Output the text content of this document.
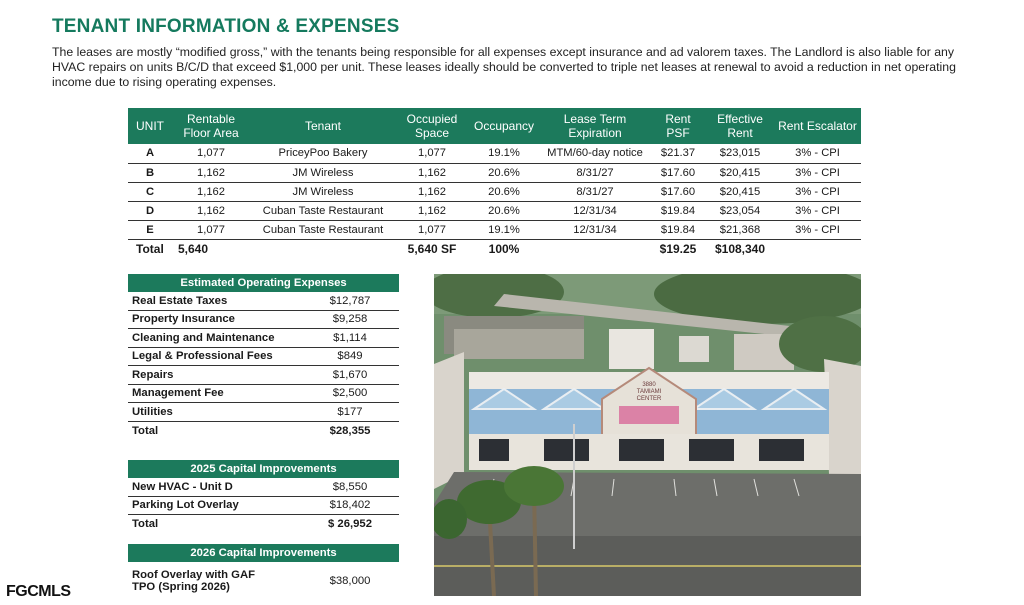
TENANT INFORMATION & EXPENSES
The leases are mostly “modified gross,” with the tenants being responsible for all expenses except insurance and ad valorem taxes. The Landlord is also liable for any HVAC repairs on units B/C/D that exceed $1,000 per unit. These leases ideally should be converted to triple net leases at renewal to avoid a reduction in net operating income due to rising operating expenses.
UNIT	Rentable Floor Area	Tenant	Occupied Space	Occupancy	Lease Term Expiration	Rent PSF	Effective Rent	Rent Escalator
A	1,077	PriceyPoo Bakery	1,077	19.1%	MTM/60-day notice	$21.37	$23,015	3% - CPI
B	1,162	JM Wireless	1,162	20.6%	8/31/27	$17.60	$20,415	3% - CPI
C	1,162	JM Wireless	1,162	20.6%	8/31/27	$17.60	$20,415	3% - CPI
D	1,162	Cuban Taste Restaurant	1,162	20.6%	12/31/34	$19.84	$23,054	3% - CPI
E	1,077	Cuban Taste Restaurant	1,077	19.1%	12/31/34	$19.84	$21,368	3% - CPI
Total	5,640		5,640 SF	100%		$19.25	$108,340	
Estimated Operating Expenses
Real Estate Taxes	$12,787
Property Insurance	$9,258
Cleaning and Maintenance	$1,114
Legal & Professional Fees	$849
Repairs	$1,670
Management Fee	$2,500
Utilities	$177
Total	$28,355
2025 Capital Improvements
New HVAC - Unit D	$8,550
Parking Lot Overlay	$18,402
Total	$ 26,952
2026 Capital Improvements
Roof Overlay with GAF
TPO (Spring 2026)	$38,000
3880
TAMIAMI
CENTER
FGCMLS
